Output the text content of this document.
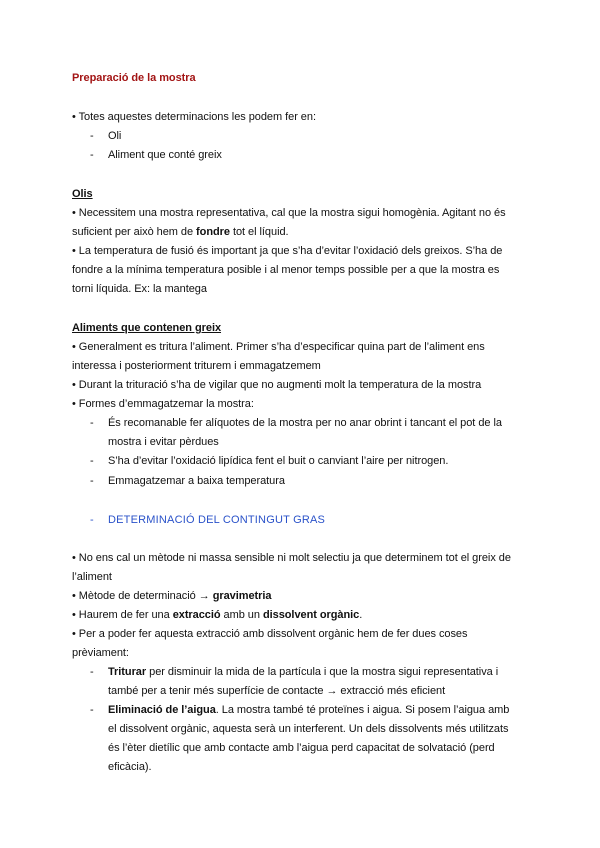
Preparació de la mostra
• Totes aquestes determinacions les podem fer en:
- Oli
- Aliment que conté greix
Olis
• Necessitem una mostra representativa, cal que la mostra sigui homogènia. Agitant no és
suficient per això hem de fondre tot el líquid.
• La temperatura de fusió és important ja que s’ha d’evitar l’oxidació dels greixos. S’ha de
fondre a la mínima temperatura posible i al menor temps possible per a que la mostra es
torni líquida. Ex: la mantega
Aliments que contenen greix
• Generalment es tritura l’aliment. Primer s’ha d’especificar quina part de l’aliment ens
interessa i posteriorment triturem i emmagatzemem
• Durant la trituració s’ha de vigilar que no augmenti molt la temperatura de la mostra
• Formes d’emmagatzemar la mostra:
- És recomanable fer alíquotes de la mostra per no anar obrint i tancant el pot de la
mostra i evitar pèrdues
- S’ha d’evitar l’oxidació lipídica fent el buit o canviant l’aire per nitrogen.
- Emmagatzemar a baixa temperatura
- DETERMINACIÓ DEL CONTINGUT GRAS
• No ens cal un mètode ni massa sensible ni molt selectiu ja que determinem tot el greix de
l’aliment
• Mètode de determinació → gravimetria
• Haurem de fer una extracció amb un dissolvent orgànic.
• Per a poder fer aquesta extracció amb dissolvent orgànic hem de fer dues coses
prèviament:
- Triturar per disminuir la mida de la partícula i que la mostra sigui representativa i
també per a tenir més superfície de contacte → extracció més eficient
- Eliminació de l’aigua. La mostra també té proteïnes i aigua. Si posem l’aigua amb
el dissolvent orgànic, aquesta serà un interferent. Un dels dissolvents més utilitzats
és l’èter dietílic que amb contacte amb l’aigua perd capacitat de solvatació (perd
eficàcia).
